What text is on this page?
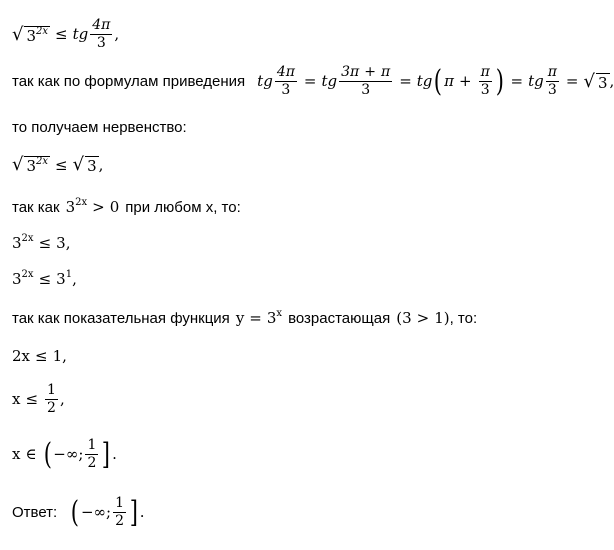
√ $3^{2x}$ ≤ tg $\frac{4\pi}{3}$ ,
так как по формулам приведения tg $\frac{4\pi}{3}$ = tg $\frac{3\pi + \pi}{3}$ = tg ( $\pi + \frac{\pi}{3}$ ) = tg $\frac{\pi}{3}$ = √ 3 ,
то получаем нервенство:
√ $3^{2x}$ ≤ √ 3 ,
так как $3^{2x} > 0$ при любом x, то:
$3^{2x} \le 3$ ,
$3^{2x} \le 3^1$ ,
так как показательная функция $y = 3^x$ возрастающая (3 > 1) , то:
2x ≤ 1 ,
$x \le \frac{1}{2}$ ,
x ∈ ( −∞ ; $\frac{1}{2}$ ] .
Ответ: ( −∞ ; $\frac{1}{2}$ ] .
